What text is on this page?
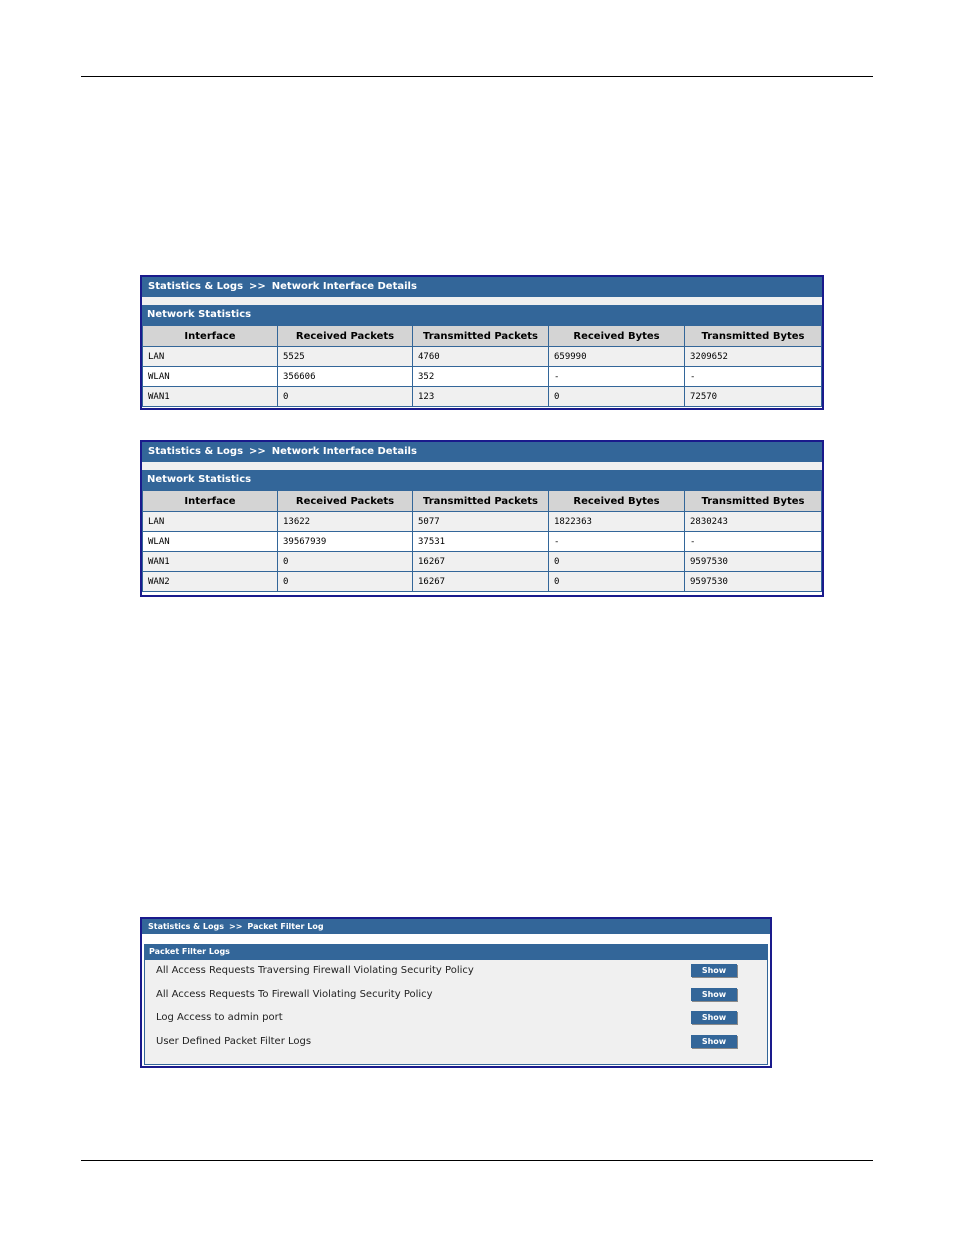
Statistics & Logs >> Network Interface Details
Network Statistics
Interface	Received Packets	Transmitted Packets	Received Bytes	Transmitted Bytes
LAN	5525	4760	659990	3209652
WLAN	356606	352	-	-
WAN1	0	123	0	72570
Statistics & Logs >> Network Interface Details
Network Statistics
Interface	Received Packets	Transmitted Packets	Received Bytes	Transmitted Bytes
LAN	13622	5077	1822363	2830243
WLAN	39567939	37531	-	-
WAN1	0	16267	0	9597530
WAN2	0	16267	0	9597530
Statistics & Logs >> Packet Filter Log
Packet Filter Logs
All Access Requests Traversing Firewall Violating Security Policy	Show
All Access Requests To Firewall Violating Security Policy	Show
Log Access to admin port	Show
User Defined Packet Filter Logs	Show
